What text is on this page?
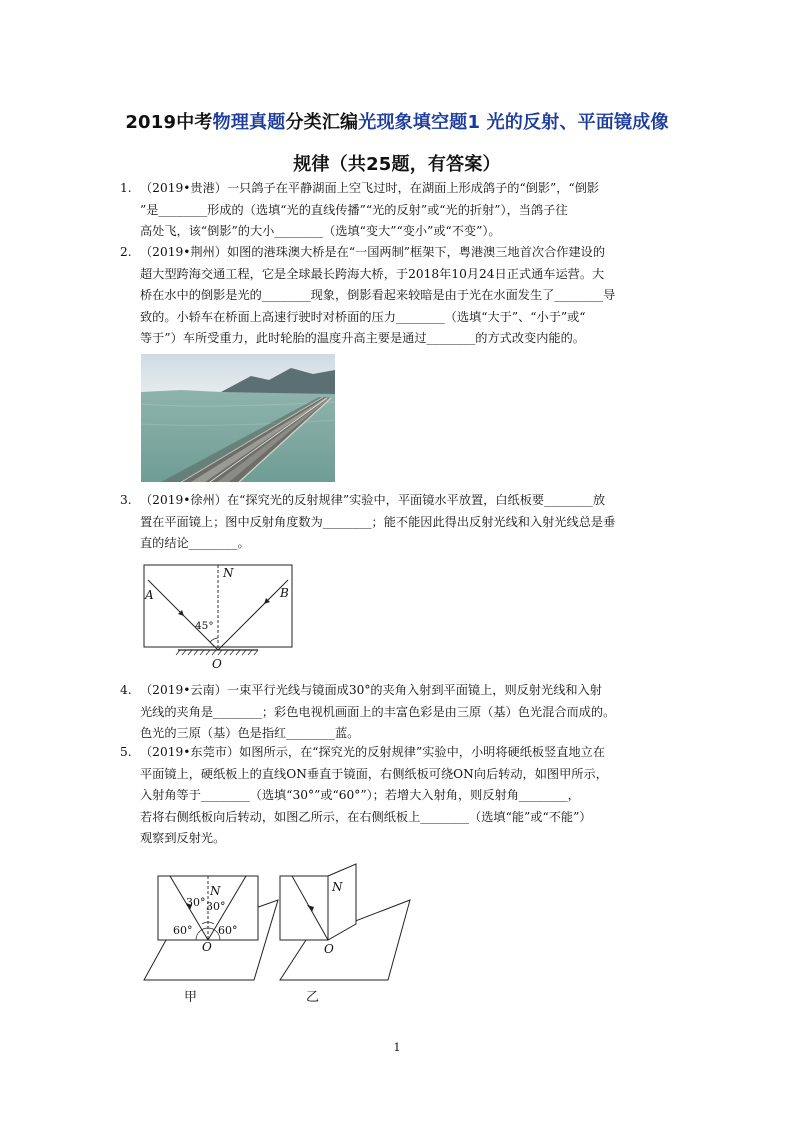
2019中考物理真题分类汇编光现象填空题1 光的反射、平面镜成像
规律（共25题，有答案）
1. （2019•贵港）一只鸽子在平静湖面上空飞过时，在湖面上形成鸽子的“倒影”，“倒影
”是________形成的（选填“光的直线传播”“光的反射”或“光的折射”），当鸽子往
高处飞，该“倒影”的大小________（选填“变大”“变小”或“不变”）。
2. （2019•荆州）如图的港珠澳大桥是在“一国两制”框架下，粤港澳三地首次合作建设的
超大型跨海交通工程，它是全球最长跨海大桥，于2018年10月24日正式通车运营。大
桥在水中的倒影是光的________现象，倒影看起来较暗是由于光在水面发生了________导
致的。小轿车在桥面上高速行驶时对桥面的压力________（选填“大于”、“小于”或“
等于”）车所受重力，此时轮胎的温度升高主要是通过________的方式改变内能的。
3. （2019•徐州）在“探究光的反射规律”实验中，平面镜水平放置，白纸板要________放
置在平面镜上；图中反射角度数为________；能不能因此得出反射光线和入射光线总是垂
直的结论________。
N
A	B
45°
O
4. （2019•云南）一束平行光线与镜面成30°的夹角入射到平面镜上，则反射光线和入射
光线的夹角是________；彩色电视机画面上的丰富色彩是由三原（基）色光混合而成的。
色光的三原（基）色是指红________蓝。
5. （2019•东莞市）如图所示，在“探究光的反射规律”实验中，小明将硬纸板竖直地立在
平面镜上，硬纸板上的直线ON垂直于镜面，右侧纸板可绕ON向后转动，如图甲所示，
入射角等于________（选填“30°”或“60°”）；若增大入射角，则反射角________，
若将右侧纸板向后转动，如图乙所示，在右侧纸板上________（选填“能”或“不能”）
观察到反射光。
N
30° 30°
60° 60°
O
甲
N
O
乙
1
